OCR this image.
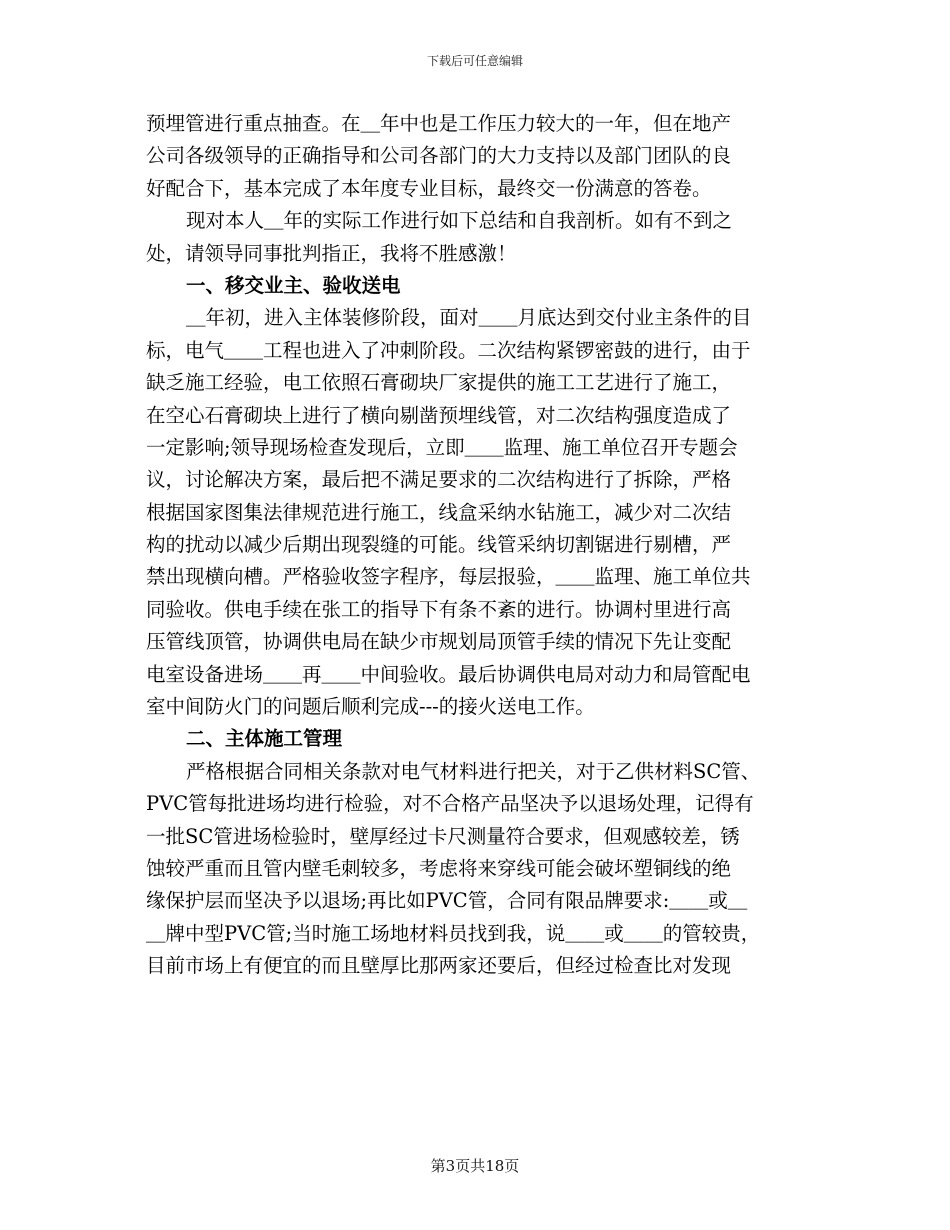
下载后可任意编辑
预埋管进行重点抽查。在＿年中也是工作压力较大的一年，但在地产
公司各级领导的正确指导和公司各部门的大力支持以及部门团队的良
好配合下，基本完成了本年度专业目标，最终交一份满意的答卷。
现对本人＿年的实际工作进行如下总结和自我剖析。如有不到之
处，请领导同事批判指正，我将不胜感激！
一、移交业主、验收送电
＿年初，进入主体装修阶段，面对＿＿月底达到交付业主条件的目
标，电气＿＿工程也进入了冲刺阶段。二次结构紧锣密鼓的进行，由于
缺乏施工经验，电工依照石膏砌块厂家提供的施工工艺进行了施工，
在空心石膏砌块上进行了横向剔凿预埋线管，对二次结构强度造成了
一定影响;领导现场检查发现后，立即＿＿监理、施工单位召开专题会
议，讨论解决方案，最后把不满足要求的二次结构进行了拆除，严格
根据国家图集法律规范进行施工，线盒采纳水钻施工，减少对二次结
构的扰动以减少后期出现裂缝的可能。线管采纳切割锯进行剔槽，严
禁出现横向槽。严格验收签字程序，每层报验，＿＿监理、施工单位共
同验收。供电手续在张工的指导下有条不紊的进行。协调村里进行高
压管线顶管，协调供电局在缺少市规划局顶管手续的情况下先让变配
电室设备进场＿＿再＿＿中间验收。最后协调供电局对动力和局管配电
室中间防火门的问题后顺利完成---的接火送电工作。
二、主体施工管理
严格根据合同相关条款对电气材料进行把关，对于乙供材料SC管、
PVC管每批进场均进行检验，对不合格产品坚决予以退场处理，记得有
一批SC管进场检验时，壁厚经过卡尺测量符合要求，但观感较差，锈
蚀较严重而且管内壁毛刺较多，考虑将来穿线可能会破坏塑铜线的绝
缘保护层而坚决予以退场;再比如PVC管，合同有限品牌要求:＿＿或＿
＿牌中型PVC管;当时施工场地材料员找到我，说＿＿或＿＿的管较贵，
目前市场上有便宜的而且壁厚比那两家还要后，但经过检查比对发现
第3页共18页
